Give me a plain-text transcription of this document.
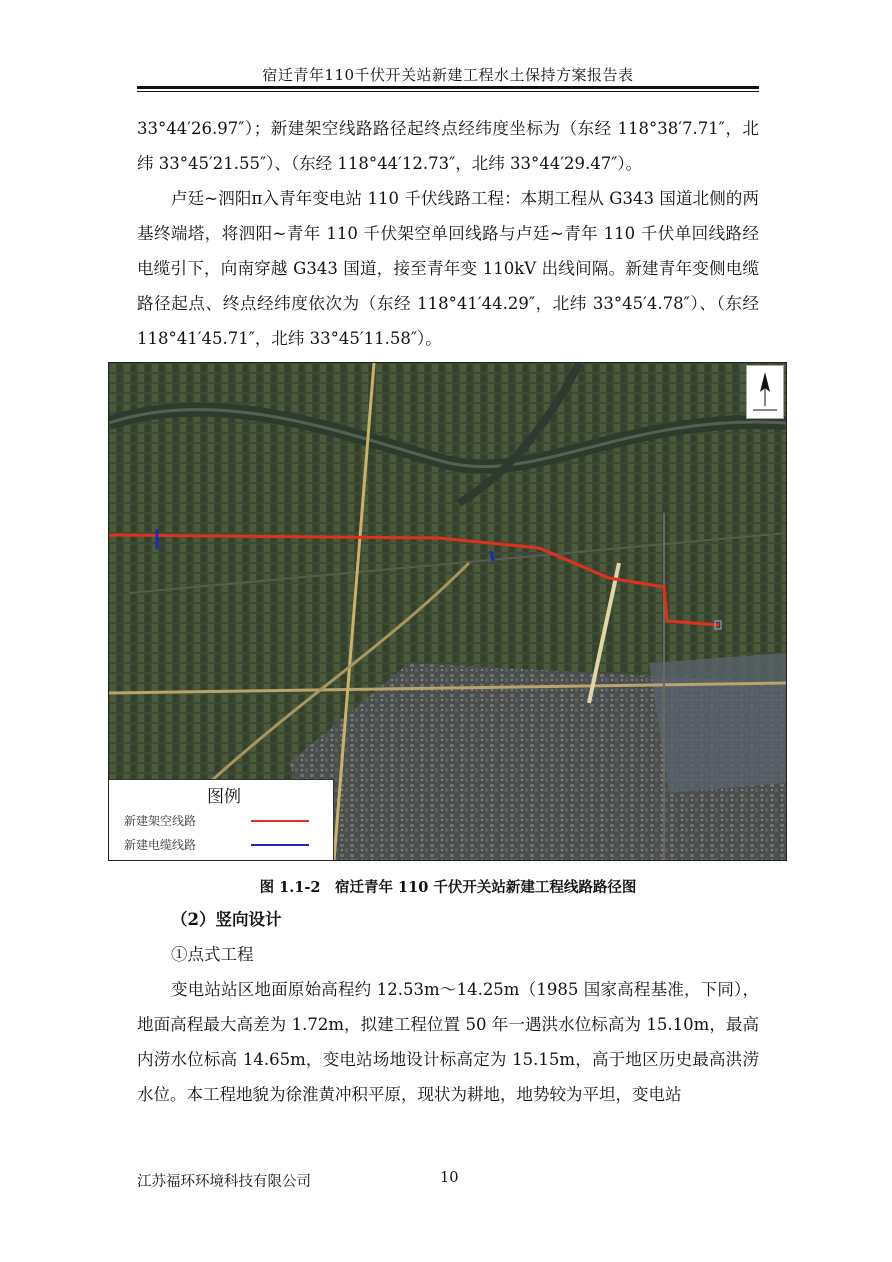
宿迁青年110千伏开关站新建工程水土保持方案报告表

33°44′26.97″）；新建架空线路路径起终点经纬度坐标为（东经 118°38′7.71″，北纬 33°45′21.55″）、（东经 118°44′12.73″，北纬 33°44′29.47″）。

卢廷~泗阳π入青年变电站 110 千伏线路工程：本期工程从 G343 国道北侧的两基终端塔，将泗阳~青年 110 千伏架空单回线路与卢廷~青年 110 千伏单回线路经电缆引下，向南穿越 G343 国道，接至青年变 110kV 出线间隔。新建青年变侧电缆路径起点、终点经纬度依次为（东经 118°41′44.29″，北纬 33°45′4.78″）、（东经 118°41′45.71″，北纬 33°45′11.58″）。

图例
新建架空线路
新建电缆线路
图 1.1-2　宿迁青年 110 千伏开关站新建工程线路路径图

（2）竖向设计

①点式工程

变电站站区地面原始高程约 12.53m～14.25m（1985 国家高程基准，下同），地面高程最大高差为 1.72m，拟建工程位置 50 年一遇洪水位标高为 15.10m，最高内涝水位标高 14.65m，变电站场地设计标高定为 15.15m，高于地区历史最高洪涝水位。本工程地貌为徐淮黄冲积平原，现状为耕地，地势较为平坦，变电站

江苏福环环境科技有限公司	10
